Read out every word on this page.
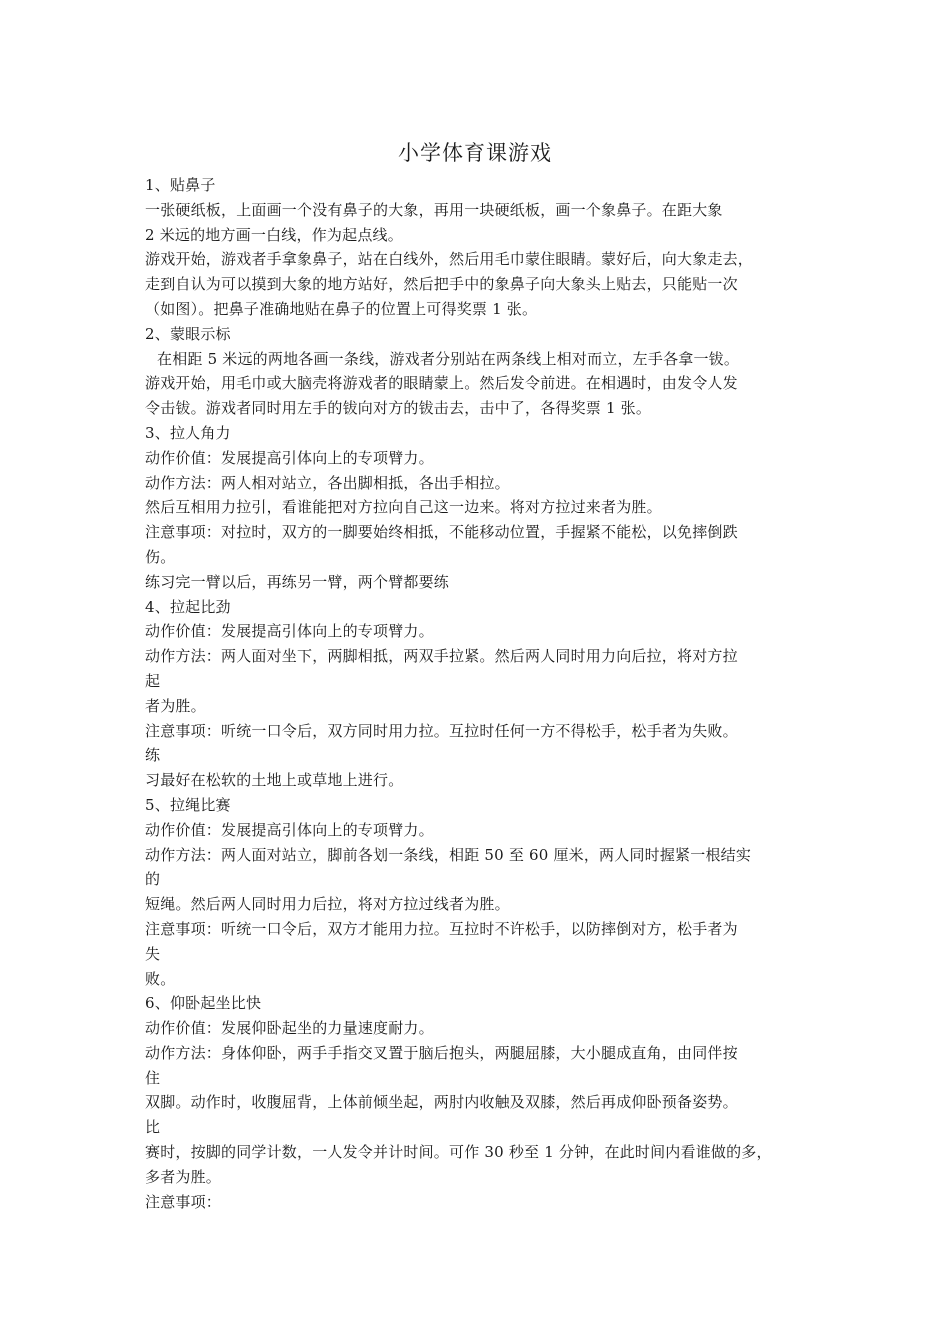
小学体育课游戏
1、贴鼻子
一张硬纸板，上面画一个没有鼻子的大象，再用一块硬纸板，画一个象鼻子。在距大象
2 米远的地方画一白线，作为起点线。
游戏开始，游戏者手拿象鼻子，站在白线外，然后用毛巾蒙住眼睛。蒙好后，向大象走去，
走到自认为可以摸到大象的地方站好，然后把手中的象鼻子向大象头上贴去，只能贴一次
（如图）。把鼻子准确地贴在鼻子的位置上可得奖票 1 张。
2、蒙眼示标
在相距 5 米远的两地各画一条线，游戏者分别站在两条线上相对而立，左手各拿一钹。
游戏开始，用毛巾或大脑壳将游戏者的眼睛蒙上。然后发令前进。在相遇时，由发令人发
令击钹。游戏者同时用左手的钹向对方的钹击去，击中了，各得奖票 1 张。
3、拉人角力
动作价值：发展提高引体向上的专项臂力。
动作方法：两人相对站立，各出脚相抵，各出手相拉。
然后互相用力拉引，看谁能把对方拉向自己这一边来。将对方拉过来者为胜。
注意事项：对拉时，双方的一脚要始终相抵，不能移动位置，手握紧不能松，以免摔倒跌
伤。
练习完一臂以后，再练另一臂，两个臂都要练
4、拉起比劲
动作价值：发展提高引体向上的专项臂力。
动作方法：两人面对坐下，两脚相抵，两双手拉紧。然后两人同时用力向后拉，将对方拉
起
者为胜。
注意事项：听统一口令后，双方同时用力拉。互拉时任何一方不得松手，松手者为失败。
练
习最好在松软的土地上或草地上进行。
5、拉绳比赛
动作价值：发展提高引体向上的专项臂力。
动作方法：两人面对站立，脚前各划一条线，相距 50 至 60 厘米，两人同时握紧一根结实
的
短绳。然后两人同时用力后拉，将对方拉过线者为胜。
注意事项：听统一口令后，双方才能用力拉。互拉时不许松手，以防摔倒对方，松手者为
失
败。
6、仰卧起坐比快
动作价值：发展仰卧起坐的力量速度耐力。
动作方法：身体仰卧，两手手指交叉置于脑后抱头，两腿屈膝，大小腿成直角，由同伴按
住
双脚。动作时，收腹屈背，上体前倾坐起，两肘内收触及双膝，然后再成仰卧预备姿势。
比
赛时，按脚的同学计数，一人发令并计时间。可作 30 秒至 1 分钟，在此时间内看谁做的多，
多者为胜。
注意事项：
